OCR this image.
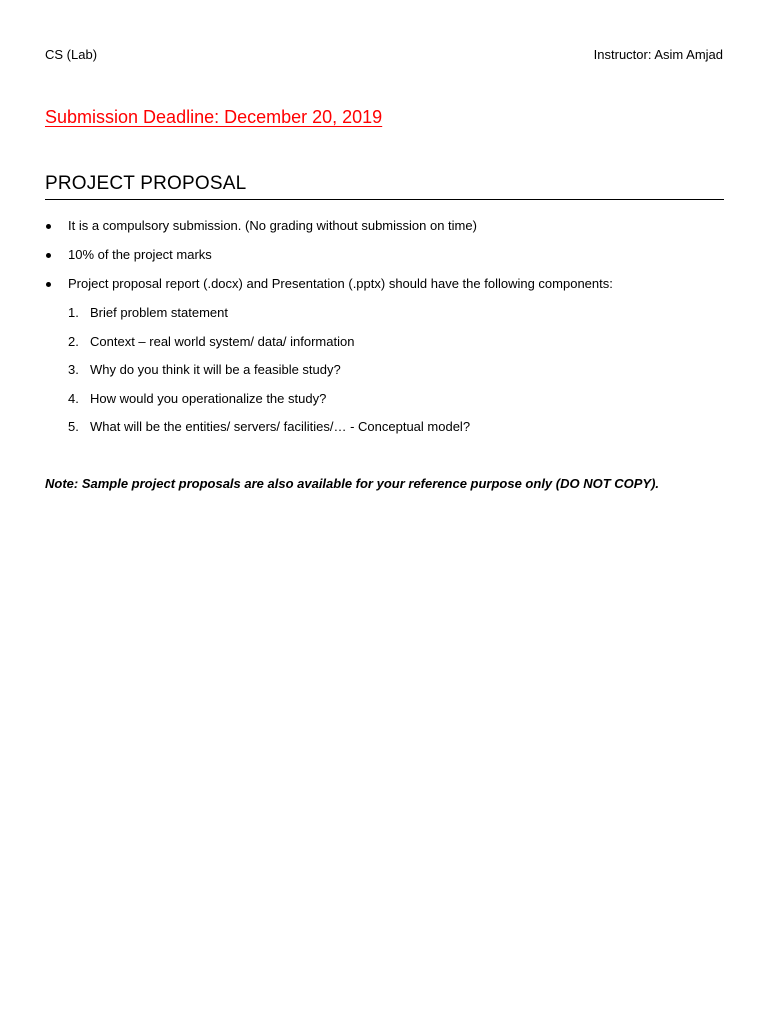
CS (Lab)	Instructor: Asim Amjad
Submission Deadline: December 20, 2019
PROJECT PROPOSAL
It is a compulsory submission. (No grading without submission on time)
10% of the project marks
Project proposal report (.docx) and Presentation (.pptx) should have the following components:
1. Brief problem statement
2. Context – real world system/ data/ information
3. Why do you think it will be a feasible study?
4. How would you operationalize the study?
5. What will be the entities/ servers/ facilities/… - Conceptual model?
Note: Sample project proposals are also available for your reference purpose only (DO NOT COPY).
